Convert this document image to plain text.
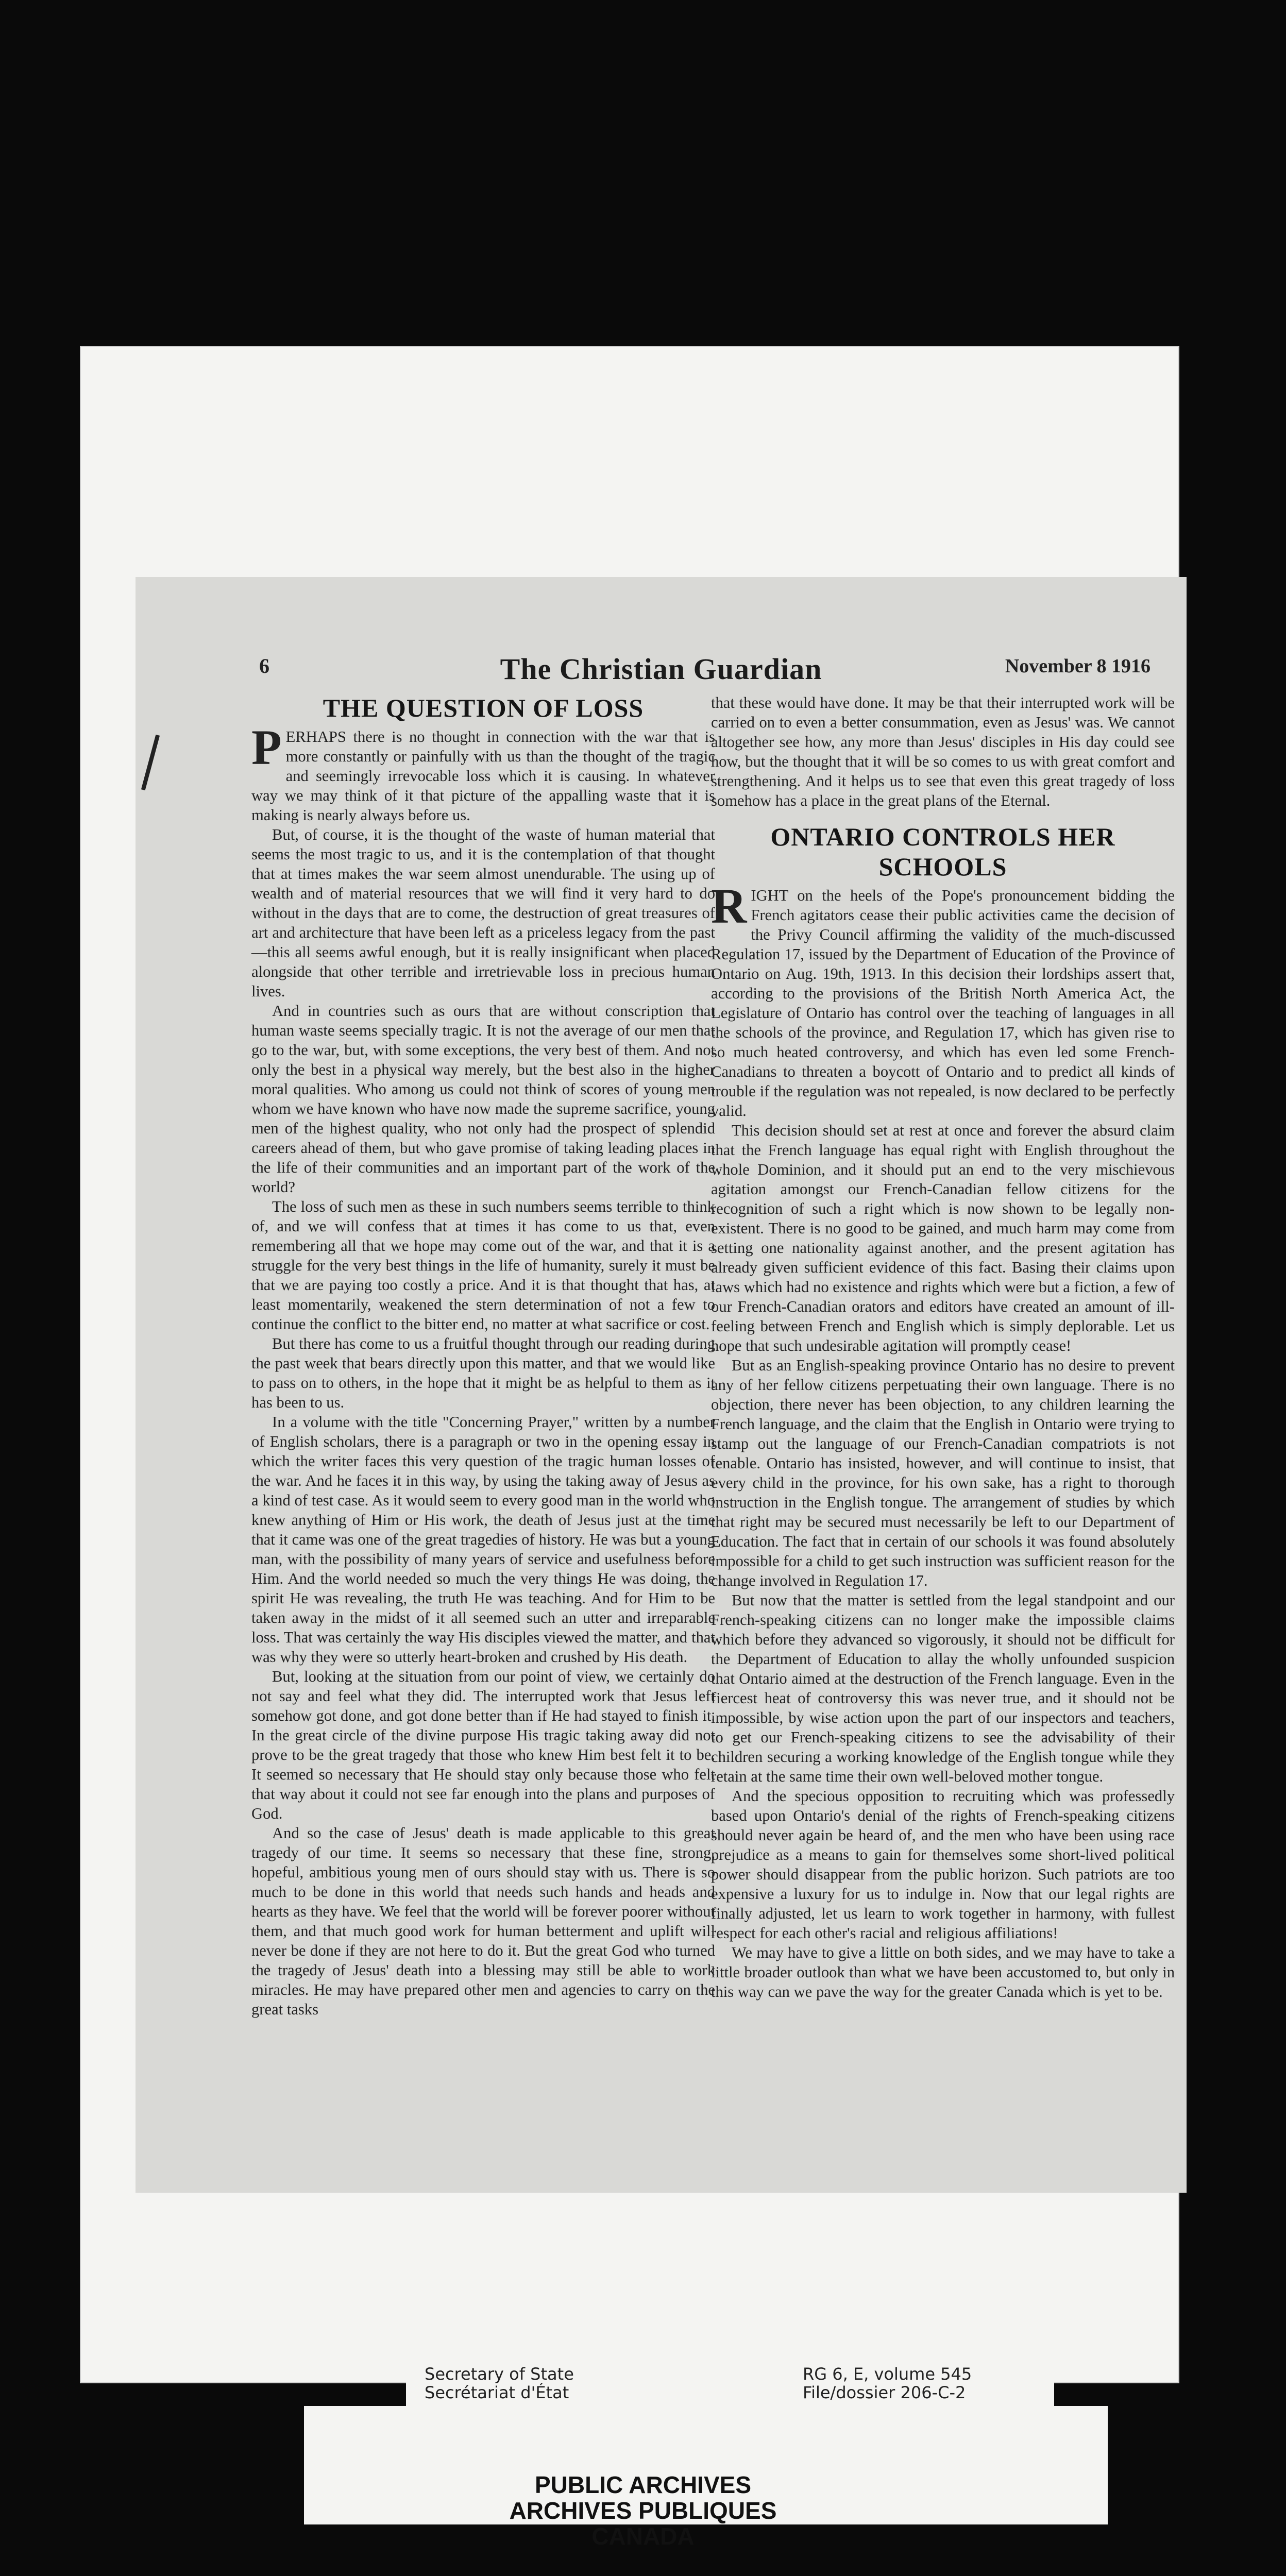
6	The Christian Guardian	November 8 1916
THE QUESTION OF LOSS

PERHAPS there is no thought in connection with the war that is more constantly or painfully with us than the thought of the tragic and seemingly irrevocable loss which it is causing. In whatever way we may think of it that picture of the appalling waste that it is making is nearly always before us.

But, of course, it is the thought of the waste of human material that seems the most tragic to us, and it is the contemplation of that thought that at times makes the war seem almost unendurable. The using up of wealth and of material resources that we will find it very hard to do without in the days that are to come, the destruction of great treasures of art and architecture that have been left as a priceless legacy from the past—this all seems awful enough, but it is really insignificant when placed alongside that other terrible and irretrievable loss in precious human lives.

And in countries such as ours that are without conscription that human waste seems specially tragic. It is not the average of our men that go to the war, but, with some exceptions, the very best of them. And not only the best in a physical way merely, but the best also in the higher moral qualities. Who among us could not think of scores of young men whom we have known who have now made the supreme sacrifice, young men of the highest quality, who not only had the prospect of splendid careers ahead of them, but who gave promise of taking leading places in the life of their communities and an important part of the work of the world?

The loss of such men as these in such numbers seems terrible to think of, and we will confess that at times it has come to us that, even remembering all that we hope may come out of the war, and that it is a struggle for the very best things in the life of humanity, surely it must be that we are paying too costly a price. And it is that thought that has, at least momentarily, weakened the stern determination of not a few to continue the conflict to the bitter end, no matter at what sacrifice or cost.

But there has come to us a fruitful thought through our reading during the past week that bears directly upon this matter, and that we would like to pass on to others, in the hope that it might be as helpful to them as it has been to us.

In a volume with the title "Concerning Prayer," written by a number of English scholars, there is a paragraph or two in the opening essay in which the writer faces this very question of the tragic human losses of the war. And he faces it in this way, by using the taking away of Jesus as a kind of test case. As it would seem to every good man in the world who knew anything of Him or His work, the death of Jesus just at the time that it came was one of the great tragedies of history. He was but a young man, with the possibility of many years of service and usefulness before Him. And the world needed so much the very things He was doing, the spirit He was revealing, the truth He was teaching. And for Him to be taken away in the midst of it all seemed such an utter and irreparable loss. That was certainly the way His disciples viewed the matter, and that was why they were so utterly heart-broken and crushed by His death.

But, looking at the situation from our point of view, we certainly do not say and feel what they did. The interrupted work that Jesus left somehow got done, and got done better than if He had stayed to finish it. In the great circle of the divine purpose His tragic taking away did not prove to be the great tragedy that those who knew Him best felt it to be. It seemed so necessary that He should stay only because those who felt that way about it could not see far enough into the plans and purposes of God.

And so the case of Jesus' death is made applicable to this great tragedy of our time. It seems so necessary that these fine, strong, hopeful, ambitious young men of ours should stay with us. There is so much to be done in this world that needs such hands and heads and hearts as they have. We feel that the world will be forever poorer without them, and that much good work for human betterment and uplift will never be done if they are not here to do it. But the great God who turned the tragedy of Jesus' death into a blessing may still be able to work miracles. He may have prepared other men and agencies to carry on the great tasks

that these would have done. It may be that their interrupted work will be carried on to even a better consummation, even as Jesus' was. We cannot altogether see how, any more than Jesus' disciples in His day could see how, but the thought that it will be so comes to us with great comfort and strengthening. And it helps us to see that even this great tragedy of loss somehow has a place in the great plans of the Eternal.

ONTARIO CONTROLS HER SCHOOLS

RIGHT on the heels of the Pope's pronouncement bidding the French agitators cease their public activities came the decision of the Privy Council affirming the validity of the much-discussed Regulation 17, issued by the Department of Education of the Province of Ontario on Aug. 19th, 1913. In this decision their lordships assert that, according to the provisions of the British North America Act, the Legislature of Ontario has control over the teaching of languages in all the schools of the province, and Regulation 17, which has given rise to so much heated controversy, and which has even led some French-Canadians to threaten a boycott of Ontario and to predict all kinds of trouble if the regulation was not repealed, is now declared to be perfectly valid.

This decision should set at rest at once and forever the absurd claim that the French language has equal right with English throughout the whole Dominion, and it should put an end to the very mischievous agitation amongst our French-Canadian fellow citizens for the recognition of such a right which is now shown to be legally non-existent. There is no good to be gained, and much harm may come from setting one nationality against another, and the present agitation has already given sufficient evidence of this fact. Basing their claims upon laws which had no existence and rights which were but a fiction, a few of our French-Canadian orators and editors have created an amount of ill-feeling between French and English which is simply deplorable. Let us hope that such undesirable agitation will promptly cease!

But as an English-speaking province Ontario has no desire to prevent any of her fellow citizens perpetuating their own language. There is no objection, there never has been objection, to any children learning the French language, and the claim that the English in Ontario were trying to stamp out the language of our French-Canadian compatriots is not tenable. Ontario has insisted, however, and will continue to insist, that every child in the province, for his own sake, has a right to thorough instruction in the English tongue. The arrangement of studies by which that right may be secured must necessarily be left to our Department of Education. The fact that in certain of our schools it was found absolutely impossible for a child to get such instruction was sufficient reason for the change involved in Regulation 17.

But now that the matter is settled from the legal standpoint and our French-speaking citizens can no longer make the impossible claims which before they advanced so vigorously, it should not be difficult for the Department of Education to allay the wholly unfounded suspicion that Ontario aimed at the destruction of the French language. Even in the fiercest heat of controversy this was never true, and it should not be impossible, by wise action upon the part of our inspectors and teachers, to get our French-speaking citizens to see the advisability of their children securing a working knowledge of the English tongue while they retain at the same time their own well-beloved mother tongue.

And the specious opposition to recruiting which was professedly based upon Ontario's denial of the rights of French-speaking citizens should never again be heard of, and the men who have been using race prejudice as a means to gain for themselves some short-lived political power should disappear from the public horizon. Such patriots are too expensive a luxury for us to indulge in. Now that our legal rights are finally adjusted, let us learn to work together in harmony, with fullest respect for each other's racial and religious affiliations!

We may have to give a little on both sides, and we may have to take a little broader outlook than what we have been accustomed to, but only in this way can we pave the way for the greater Canada which is yet to be.

Secretary of State
Secrétariat d'État
RG 6, E, volume 545
File/dossier 206-C-2
PUBLIC ARCHIVES
ARCHIVES PUBLIQUES
CANADA
